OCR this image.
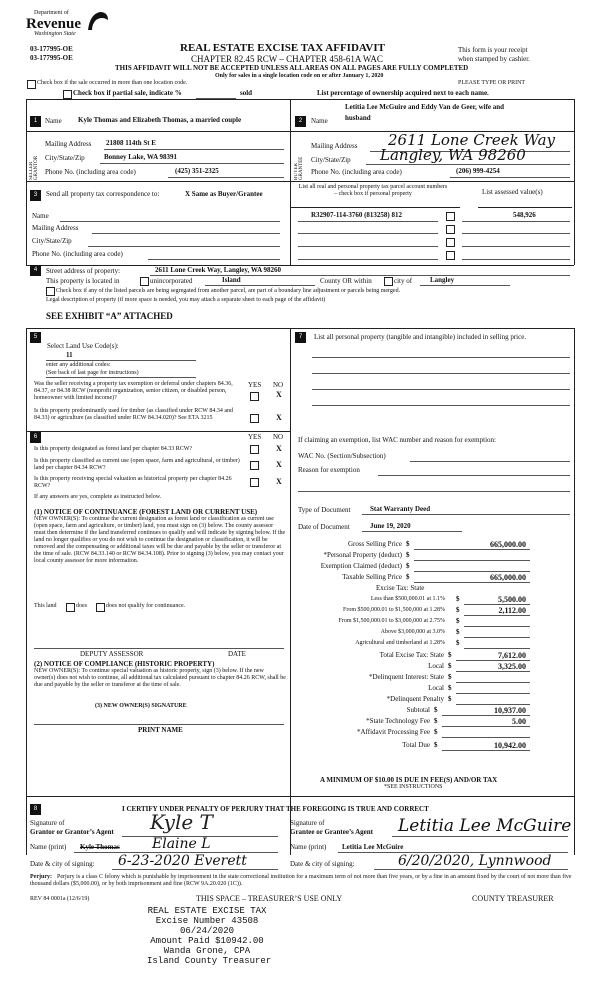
Department of
Revenue
Washington State
03-177995-OE
03-177995-OE
REAL ESTATE EXCISE TAX AFFIDAVIT
CHAPTER 82.45 RCW – CHAPTER 458-61A WAC
THIS AFFIDAVIT WILL NOT BE ACCEPTED UNLESS ALL AREAS ON ALL PAGES ARE FULLY COMPLETED
Only for sales in a single location code on or after January 1, 2020
This form is your receipt
when stamped by cashier.
PLEASE TYPE OR PRINT
Check box if the sale occurred in more than one location code.
Check box if partial sale, indicate %	sold	List percentage of ownership acquired next to each name.
1	Name Kyle Thomas and Elizabeth Thomas, a married couple
SELLER GRANTOR
Mailing Address 21808 114th St E
City/State/Zip	Bonney Lake, WA 98391
Phone No. (including area code)	(425) 351-2325
Letitia Lee McGuire and Eddy Van de Geer, wife and
2	Name husband
BUYER GRANTEE
Mailing Address 2611 Lone Creek Way
City/State/Zip Langley, WA 98260
Phone No. (including area code)	(206) 999-4254
3	Send all property tax correspondence to:	X Same as Buyer/Grantee
List all real and personal property tax parcel account numbers – check box if personal property	List assessed value(s)
R32907-114-3760 (813258) 812	548,926
Name
Mailing Address
City/State/Zip
Phone No. (including area code)
4	Street address of property:	2611 Lone Creek Way, Langley, WA 98260
This property is located in	unincorporated	Island	County OR within	city of	Langley
Check box if any of the listed parcels are being segregated from another parcel, are part of a boundary line adjustment or parcels being merged.
Legal description of property (if more space is needed, you may attach a separate sheet to each page of the affidavit)
SEE EXHIBIT “A” ATTACHED
5
Select Land Use Code(s):
11
enter any additional codes:
(See back of last page for instructions)
YES NO
Was the seller receiving a property tax exemption or deferral under chapters 84.36, 84.37, or 84.38 RCW (nonprofit organization, senior citizen, or disabled person, homeowner with limited income)?	X
Is this property predominantly used for timber (as classified under RCW 84.34 and 84.33) or agriculture (as classified under RCW 84.34.020)? See ETA 3215	X
6	YES NO
Is this property designated as forest land per chapter 84.33 RCW?	X
Is this property classified as current use (open space, farm and agricultural, or timber) land per chapter 84.34 RCW?	X
Is this property receiving special valuation as historical property per chapter 84.26 RCW?	X
If any answers are yes, complete as instructed below.
(1) NOTICE OF CONTINUANCE (FOREST LAND OR CURRENT USE)
NEW OWNER(S): To continue the current designation as forest land or classification as current use (open space, farm and agriculture, or timber) land, you must sign on (3) below. The county assessor must then determine if the land transferred continues to qualify and will indicate by signing below. If the land no longer qualifies or you do not wish to continue the designation or classification, it will be removed and the compensating or additional taxes will be due and payable by the seller or transferor at the time of sale. (RCW 84.33.140 or RCW 84.34.108). Prior to signing (3) below, you may contact your local county assessor for more information.
This land	does	does not qualify for continuance.
DEPUTY ASSESSOR	DATE
(2) NOTICE OF COMPLIANCE (HISTORIC PROPERTY)
NEW OWNER(S): To continue special valuation as historic property, sign (3) below. If the new owner(s) does not wish to continue, all additional tax calculated pursuant to chapter 84.26 RCW, shall be due and payable by the seller or transferor at the time of sale.
(3) NEW OWNER(S) SIGNATURE
PRINT NAME
7	List all personal property (tangible and intangible) included in selling price.
If claiming an exemption, list WAC number and reason for exemption:
WAC No. (Section/Subsection)
Reason for exemption
Type of Document	Stat Warranty Deed
Date of Document	June 19, 2020
Gross Selling Price $	665,000.00
*Personal Property (deduct) $
Exemption Claimed (deduct) $
Taxable Selling Price $	665,000.00
Excise Tax: State
Less than $500,000.01 at 1.1% $	5,500.00
From $500,000.01 to $1,500,000 at 1.28% $	2,112.00
From $1,500,000.01 to $3,000,000 at 2.75% $
Above $3,000,000 at 3.0% $
Agricultural and timberland at 1.28% $
Total Excise Tax: State $	7,612.00
Local $	3,325.00
*Delinquent Interest: State $
Local $
*Delinquent Penalty $
Subtotal $	10,937.00
*State Technology Fee $	5.00
*Affidavit Processing Fee $
Total Due $	10,942.00
A MINIMUM OF $10.00 IS DUE IN FEE(S) AND/OR TAX
*SEE INSTRUCTIONS
8	I CERTIFY UNDER PENALTY OF PERJURY THAT THE FOREGOING IS TRUE AND CORRECT
Signature of
Grantor or Grantor’s Agent Kyle T	Signature of
Grantee or Grantee’s Agent Letitia Lee McGuire
Name (print) Kyle Thomas Elaine L	Name (print) Letitia Lee McGuire
Date & city of signing: 6-23-2020 Everett	Date & city of signing:	6/20/2020, Lynnwood
Perjury: Perjury is a class C felony which is punishable by imprisonment in the state correctional institution for a maximum term of not more than five years, or by a fine in an amount fixed by the court of not more than five thousand dollars ($5,000.00), or by both imprisonment and fine (RCW 9A.20.020 (1C)).
REV 84 0001a (12/6/19)	THIS SPACE – TREASURER’S USE ONLY	COUNTY TREASURER
REAL ESTATE EXCISE TAX
Excise Number 43508
06/24/2020
Amount Paid $10942.00
Wanda Grone, CPA
Island County Treasurer
